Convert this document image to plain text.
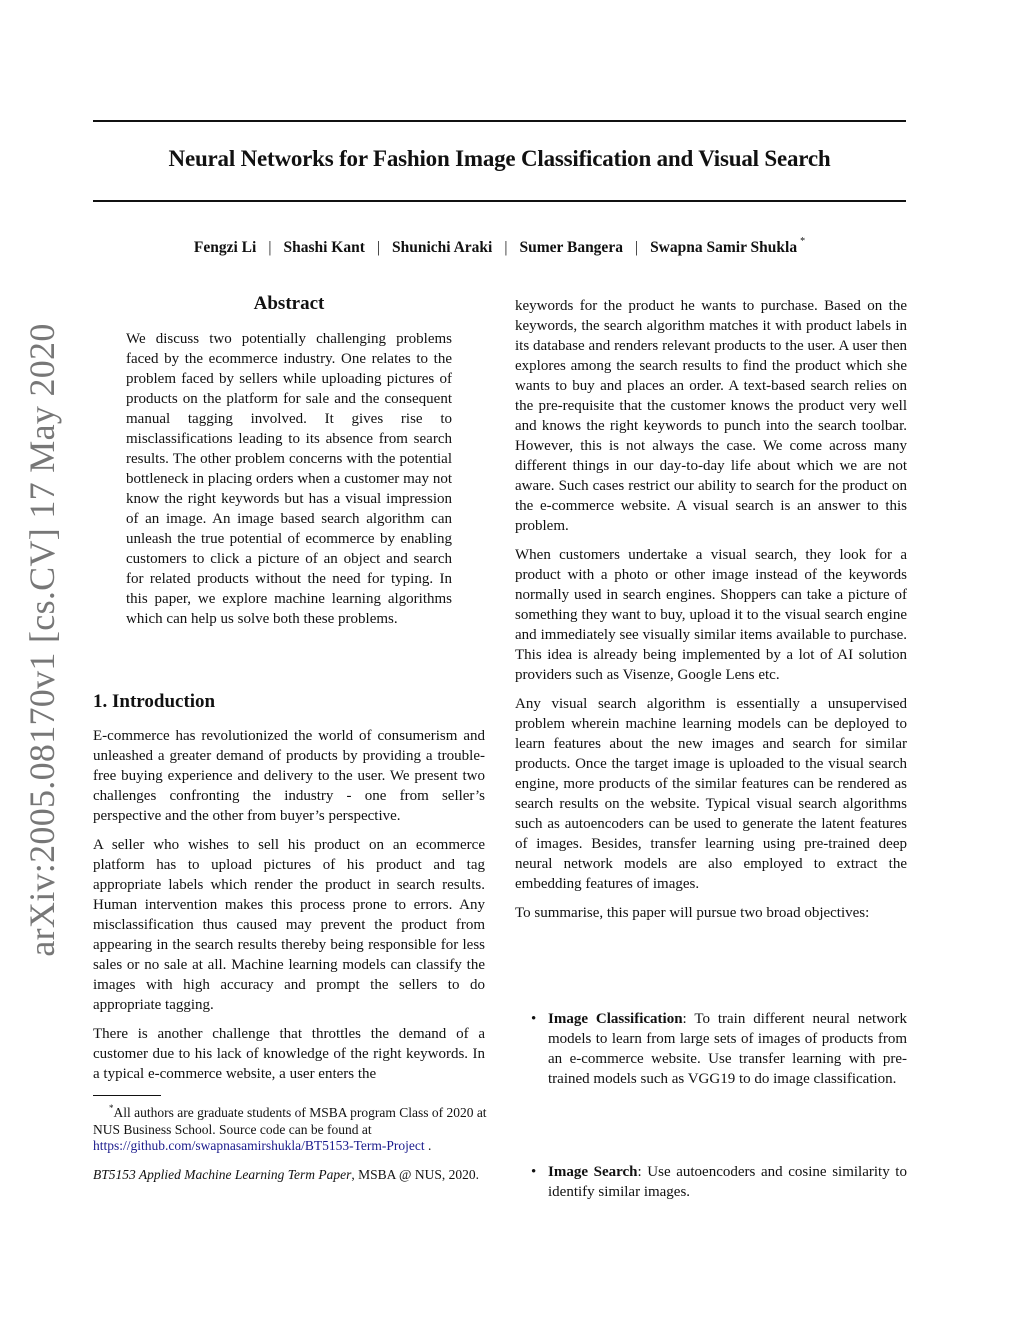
arXiv:2005.08170v1 [cs.CV] 17 May 2020
Neural Networks for Fashion Image Classification and Visual Search
Fengzi Li | Shashi Kant | Shunichi Araki | Sumer Bangera | Swapna Samir Shukla *
Abstract
We discuss two potentially challenging problems faced by the ecommerce industry. One relates to the problem faced by sellers while uploading pictures of products on the platform for sale and the consequent manual tagging involved. It gives rise to misclassifications leading to its absence from search results. The other problem concerns with the potential bottleneck in placing orders when a customer may not know the right keywords but has a visual impression of an image. An image based search algorithm can unleash the true potential of ecommerce by enabling customers to click a picture of an object and search for related products without the need for typing. In this paper, we explore machine learning algorithms which can help us solve both these problems.
1. Introduction

E-commerce has revolutionized the world of consumerism and unleashed a greater demand of products by providing a trouble-free buying experience and delivery to the user. We present two challenges confronting the industry - one from seller’s perspective and the other from buyer’s perspective.

A seller who wishes to sell his product on an ecommerce platform has to upload pictures of his product and tag appropriate labels which render the product in search results. Human intervention makes this process prone to errors. Any misclassification thus caused may prevent the product from appearing in the search results thereby being responsible for less sales or no sale at all. Machine learning models can classify the images with high accuracy and prompt the sellers to do appropriate tagging.

There is another challenge that throttles the demand of a customer due to his lack of knowledge of the right keywords. In a typical e-commerce website, a user enters the

*All authors are graduate students of MSBA program Class of 2020 at NUS Business School. Source code can be found at https://github.com/swapnasamirshukla/BT5153-Term-Project .
BT5153 Applied Machine Learning Term Paper, MSBA @ NUS, 2020.

keywords for the product he wants to purchase. Based on the keywords, the search algorithm matches it with product labels in its database and renders relevant products to the user. A user then explores among the search results to find the product which she wants to buy and places an order. A text-based search relies on the pre-requisite that the customer knows the product very well and knows the right keywords to punch into the search toolbar. However, this is not always the case. We come across many different things in our day-to-day life about which we are not aware. Such cases restrict our ability to search for the product on the e-commerce website. A visual search is an answer to this problem.

When customers undertake a visual search, they look for a product with a photo or other image instead of the keywords normally used in search engines. Shoppers can take a picture of something they want to buy, upload it to the visual search engine and immediately see visually similar items available to purchase. This idea is already being implemented by a lot of AI solution providers such as Visenze, Google Lens etc.

Any visual search algorithm is essentially a unsupervised problem wherein machine learning models can be deployed to learn features about the new images and search for similar products. Once the target image is uploaded to the visual search engine, more products of the similar features can be rendered as search results on the website. Typical visual search algorithms such as autoencoders can be used to generate the latent features of images. Besides, transfer learning using pre-trained deep neural network models are also employed to extract the embedding features of images.

To summarise, this paper will pursue two broad objectives:

• Image Classification: To train different neural network models to learn from large sets of images of products from an e-commerce website. Use transfer learning with pre-trained models such as VGG19 to do image classification.
• Image Search: Use autoencoders and cosine similarity to identify similar images.
